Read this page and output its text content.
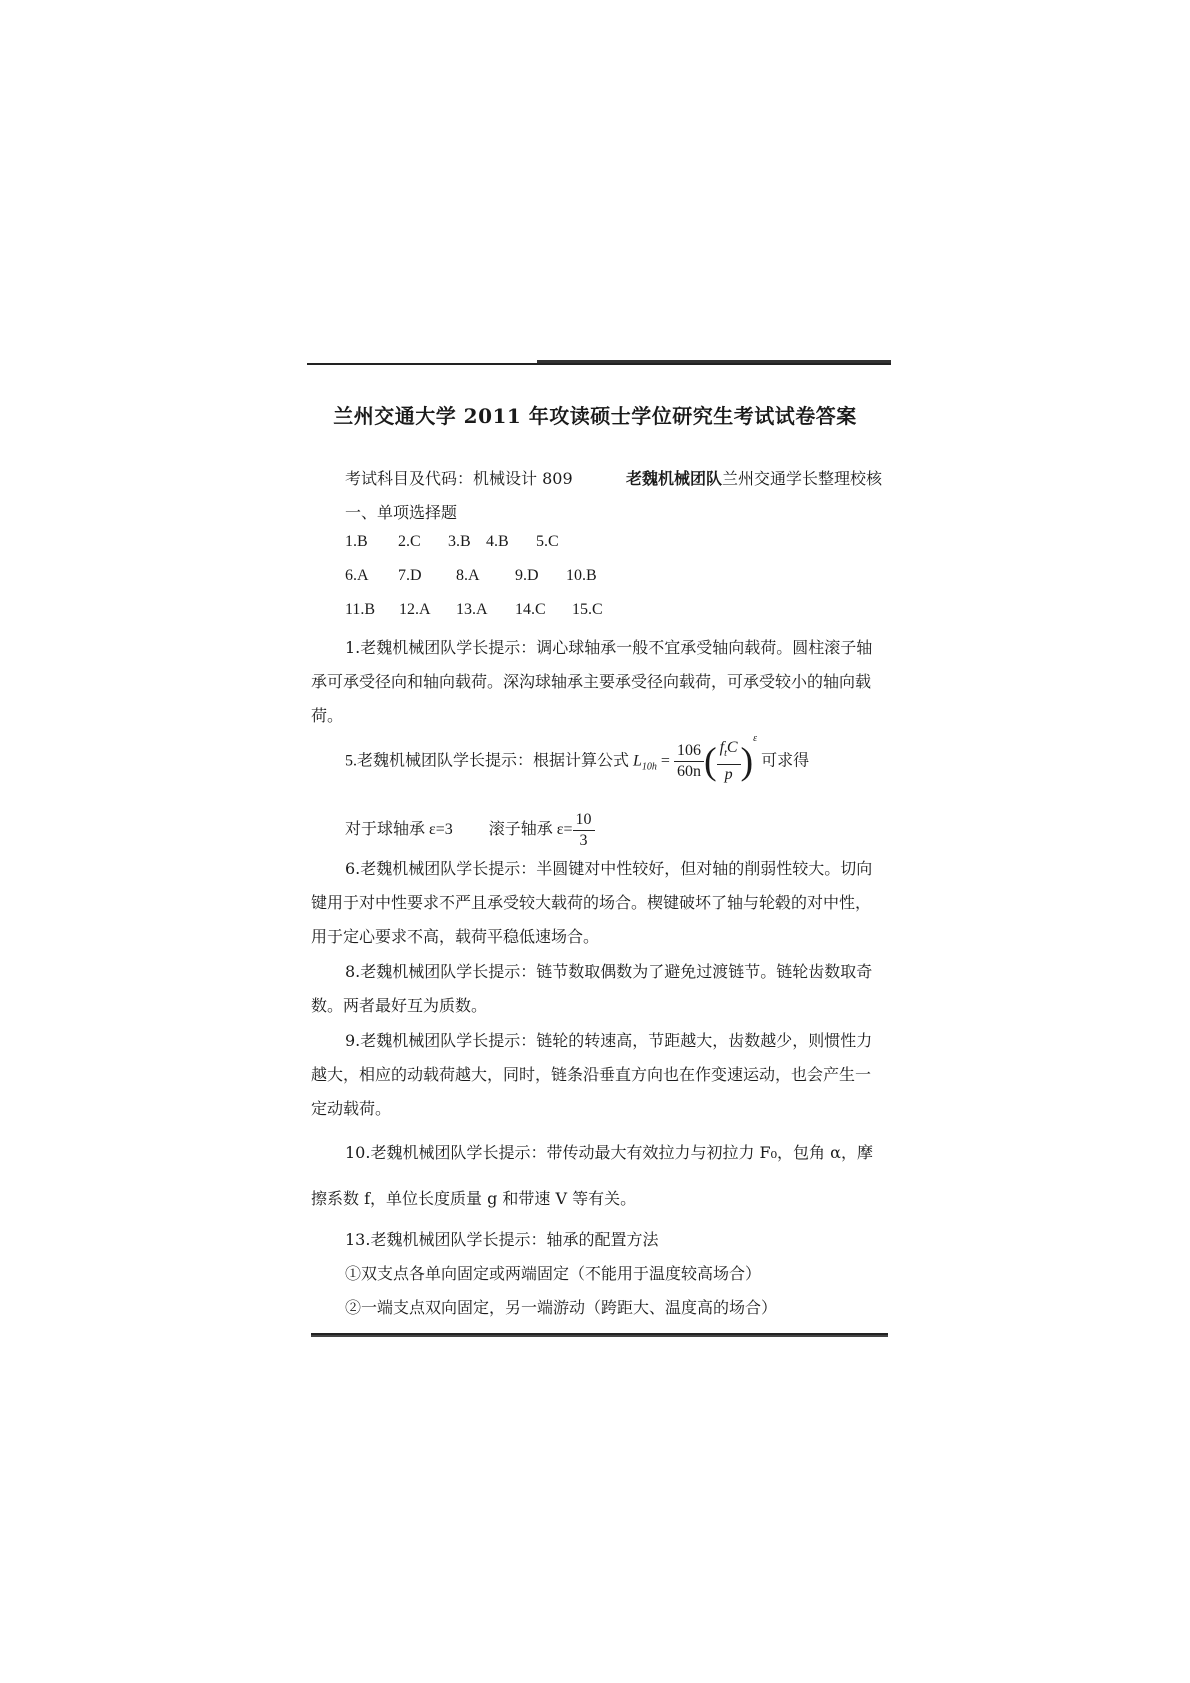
兰州交通大学 2011 年攻读硕士学位研究生考试试卷答案
考试科目及代码：机械设计 809	老魏机械团队兰州交通学长整理校核
一、单项选择题
1.B 2.C 3.B 4.B 5.C
6.A 7.D 8.A 9.D 10.B
11.B 12.A 13.A 14.C 15.C
1.老魏机械团队学长提示：调心球轴承一般不宜承受轴向载荷。圆柱滚子轴
承可承受径向和轴向载荷。深沟球轴承主要承受径向载荷，可承受较小的轴向载
荷。
5.老魏机械团队学长提示：根据计算公式 $L_{10h} = \frac{106}{60n}$ ( $\frac{f_tC}{p} )^\varepsilon$ 可求得
对于球轴承 ε=3 滚子轴承 $\varepsilon= \frac{10}{3}$
6.老魏机械团队学长提示：半圆键对中性较好，但对轴的削弱性较大。切向
键用于对中性要求不严且承受较大载荷的场合。楔键破坏了轴与轮毂的对中性，
用于定心要求不高，载荷平稳低速场合。
8.老魏机械团队学长提示：链节数取偶数为了避免过渡链节。链轮齿数取奇
数。两者最好互为质数。
9.老魏机械团队学长提示：链轮的转速高，节距越大，齿数越少，则惯性力
越大，相应的动载荷越大，同时，链条沿垂直方向也在作变速运动，也会产生一
定动载荷。
10.老魏机械团队学长提示：带传动最大有效拉力与初拉力 F₀，包角 α，摩
擦系数 f，单位长度质量 g 和带速 V 等有关。
13.老魏机械团队学长提示：轴承的配置方法
①双支点各单向固定或两端固定（不能用于温度较高场合）
②一端支点双向固定，另一端游动（跨距大、温度高的场合）
